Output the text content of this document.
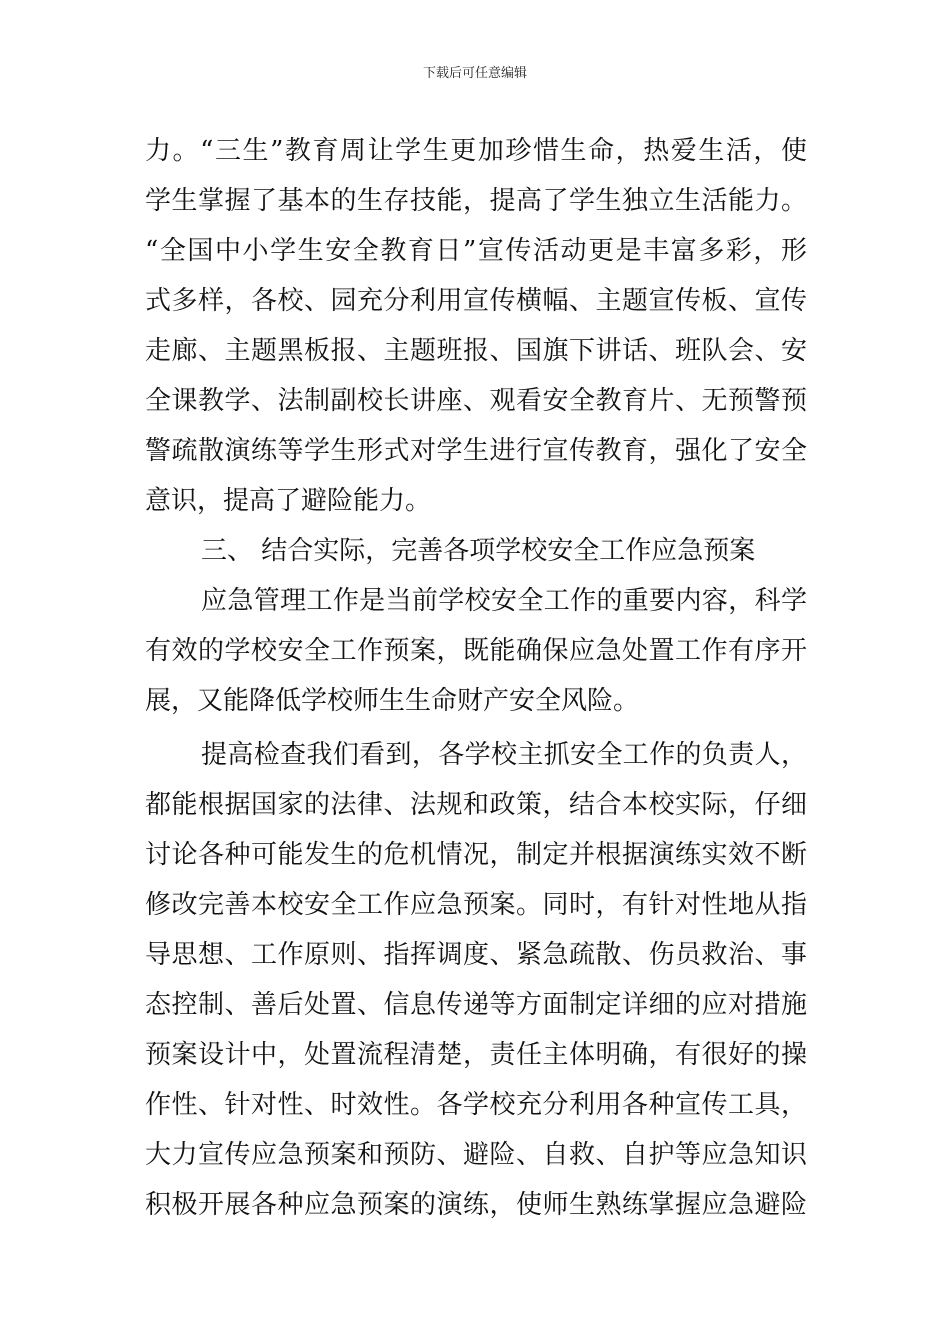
下载后可任意编辑
力。“三生”教育周让学生更加珍惜生命，热爱生活，使
学生掌握了基本的生存技能，提高了学生独立生活能力。
“全国中小学生安全教育日”宣传活动更是丰富多彩，形
式多样，各校、园充分利用宣传横幅、主题宣传板、宣传
走廊、主题黑板报、主题班报、国旗下讲话、班队会、安
全课教学、法制副校长讲座、观看安全教育片、无预警预
警疏散演练等学生形式对学生进行宣传教育，强化了安全
意识，提高了避险能力。
三、 结合实际，完善各项学校安全工作应急预案
应急管理工作是当前学校安全工作的重要内容，科学
有效的学校安全工作预案，既能确保应急处置工作有序开
展，又能降低学校师生生命财产安全风险。
提高检查我们看到，各学校主抓安全工作的负责人，
都能根据国家的法律、法规和政策，结合本校实际，仔细
讨论各种可能发生的危机情况，制定并根据演练实效不断
修改完善本校安全工作应急预案。同时，有针对性地从指
导思想、工作原则、指挥调度、紧急疏散、伤员救治、事
态控制、善后处置、信息传递等方面制定详细的应对措施
预案设计中，处置流程清楚，责任主体明确，有很好的操
作性、针对性、时效性。各学校充分利用各种宣传工具，
大力宣传应急预案和预防、避险、自救、自护等应急知识
积极开展各种应急预案的演练，使师生熟练掌握应急避险
